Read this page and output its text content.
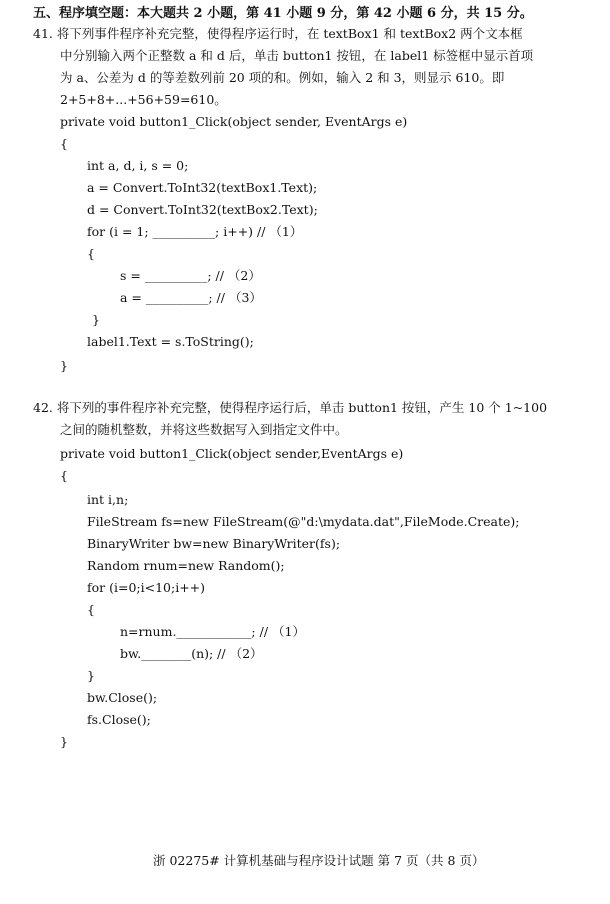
五、程序填空题：本大题共 2 小题，第 41 小题 9 分，第 42 小题 6 分，共 15 分。
41. 将下列事件程序补充完整，使得程序运行时，在 textBox1 和 textBox2 两个文本框
中分别输入两个正整数 a 和 d 后，单击 button1 按钮，在 label1 标签框中显示首项
为 a、公差为 d 的等差数列前 20 项的和。例如，输入 2 和 3，则显示 610。即
2+5+8+...+56+59=610。
private void button1_Click(object sender, EventArgs e)
{
int a, d, i, s = 0;
a = Convert.ToInt32(textBox1.Text);
d = Convert.ToInt32(textBox2.Text);
for (i = 1; __________; i++) // （1）
{
s = __________; // （2）
a = __________; // （3）
}
label1.Text = s.ToString();
}
42. 将下列的事件程序补充完整，使得程序运行后，单击 button1 按钮，产生 10 个 1~100
之间的随机整数，并将这些数据写入到指定文件中。
private void button1_Click(object sender,EventArgs e)
{
int i,n;
FileStream fs=new FileStream(@"d:\mydata.dat",FileMode.Create);
BinaryWriter bw=new BinaryWriter(fs);
Random rnum=new Random();
for (i=0;i<10;i++)
{
n=rnum.____________; // （1）
bw.________(n); // （2）
}
bw.Close();
fs.Close();
}
浙 02275# 计算机基础与程序设计试题 第 7 页（共 8 页）
